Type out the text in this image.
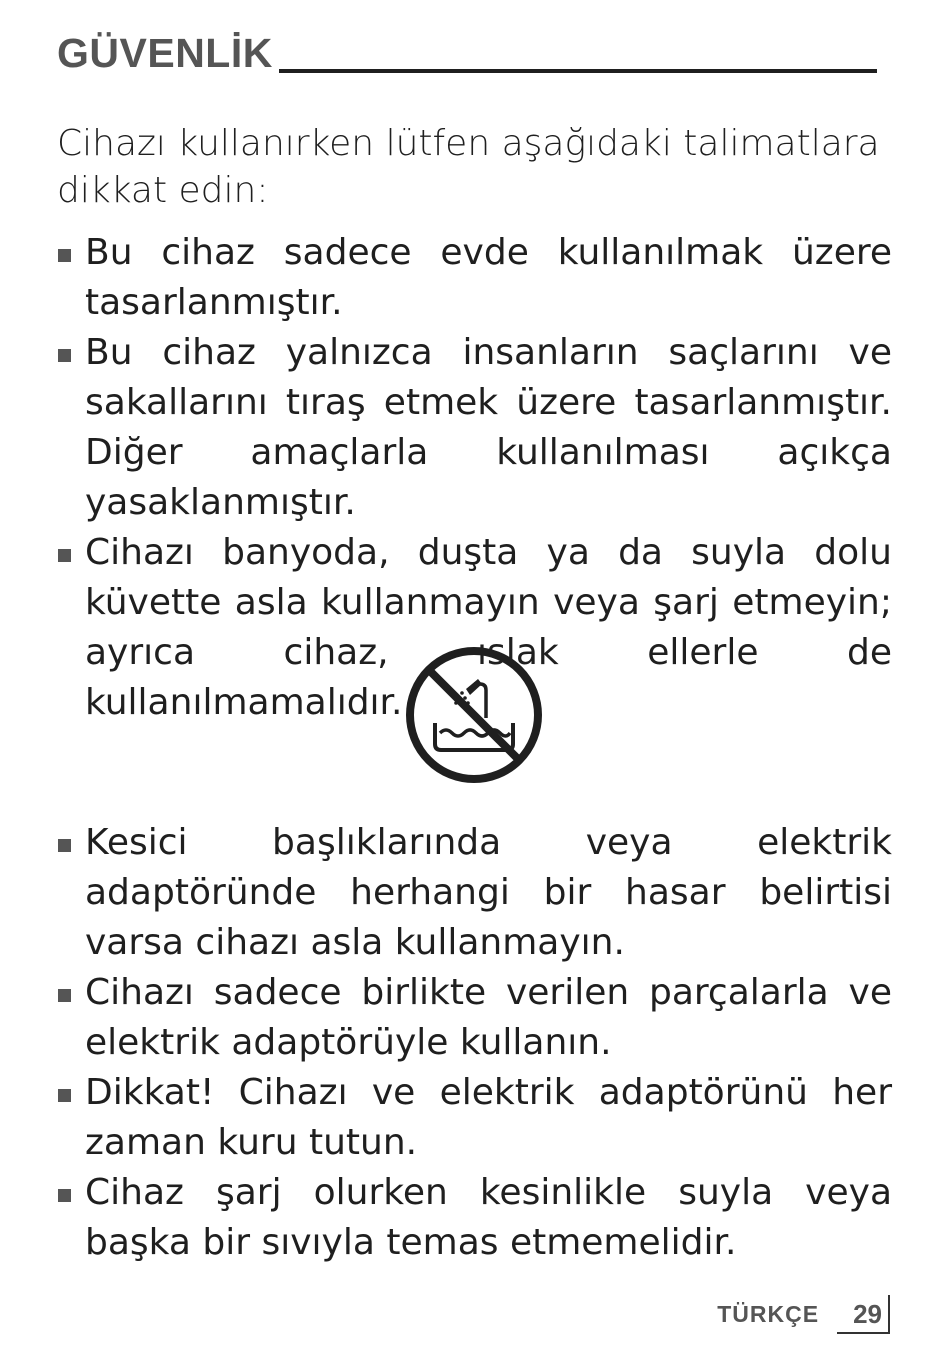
GÜVENLİK
Cihazı kullanırken lütfen aşağıdaki talimatlara dikkat edin:
Bu cihaz sadece evde kullanılmak üzere tasarlanmıştır.
Bu cihaz yalnızca insanların saçlarını ve sakallarını tıraş etmek üzere tasarlanmıştır. Diğer amaçlarla kullanılması açıkça yasaklanmıştır.
Cihazı banyoda, duşta ya da suyla dolu küvette asla kullanmayın veya şarj etmeyin; ayrıca cihaz, ıslak ellerle de kullanılmamalıdır.
Kesici başlıklarında veya elektrik adaptöründe herhangi bir hasar belirtisi varsa cihazı asla kullanmayın.
Cihazı sadece birlikte verilen parçalarla ve elektrik adaptörüyle kullanın.
Dikkat! Cihazı ve elektrik adaptörünü her zaman kuru tutun.
Cihaz şarj olurken kesinlikle suyla veya başka bir sıvıyla temas etmemelidir.
TÜRKÇE	29
